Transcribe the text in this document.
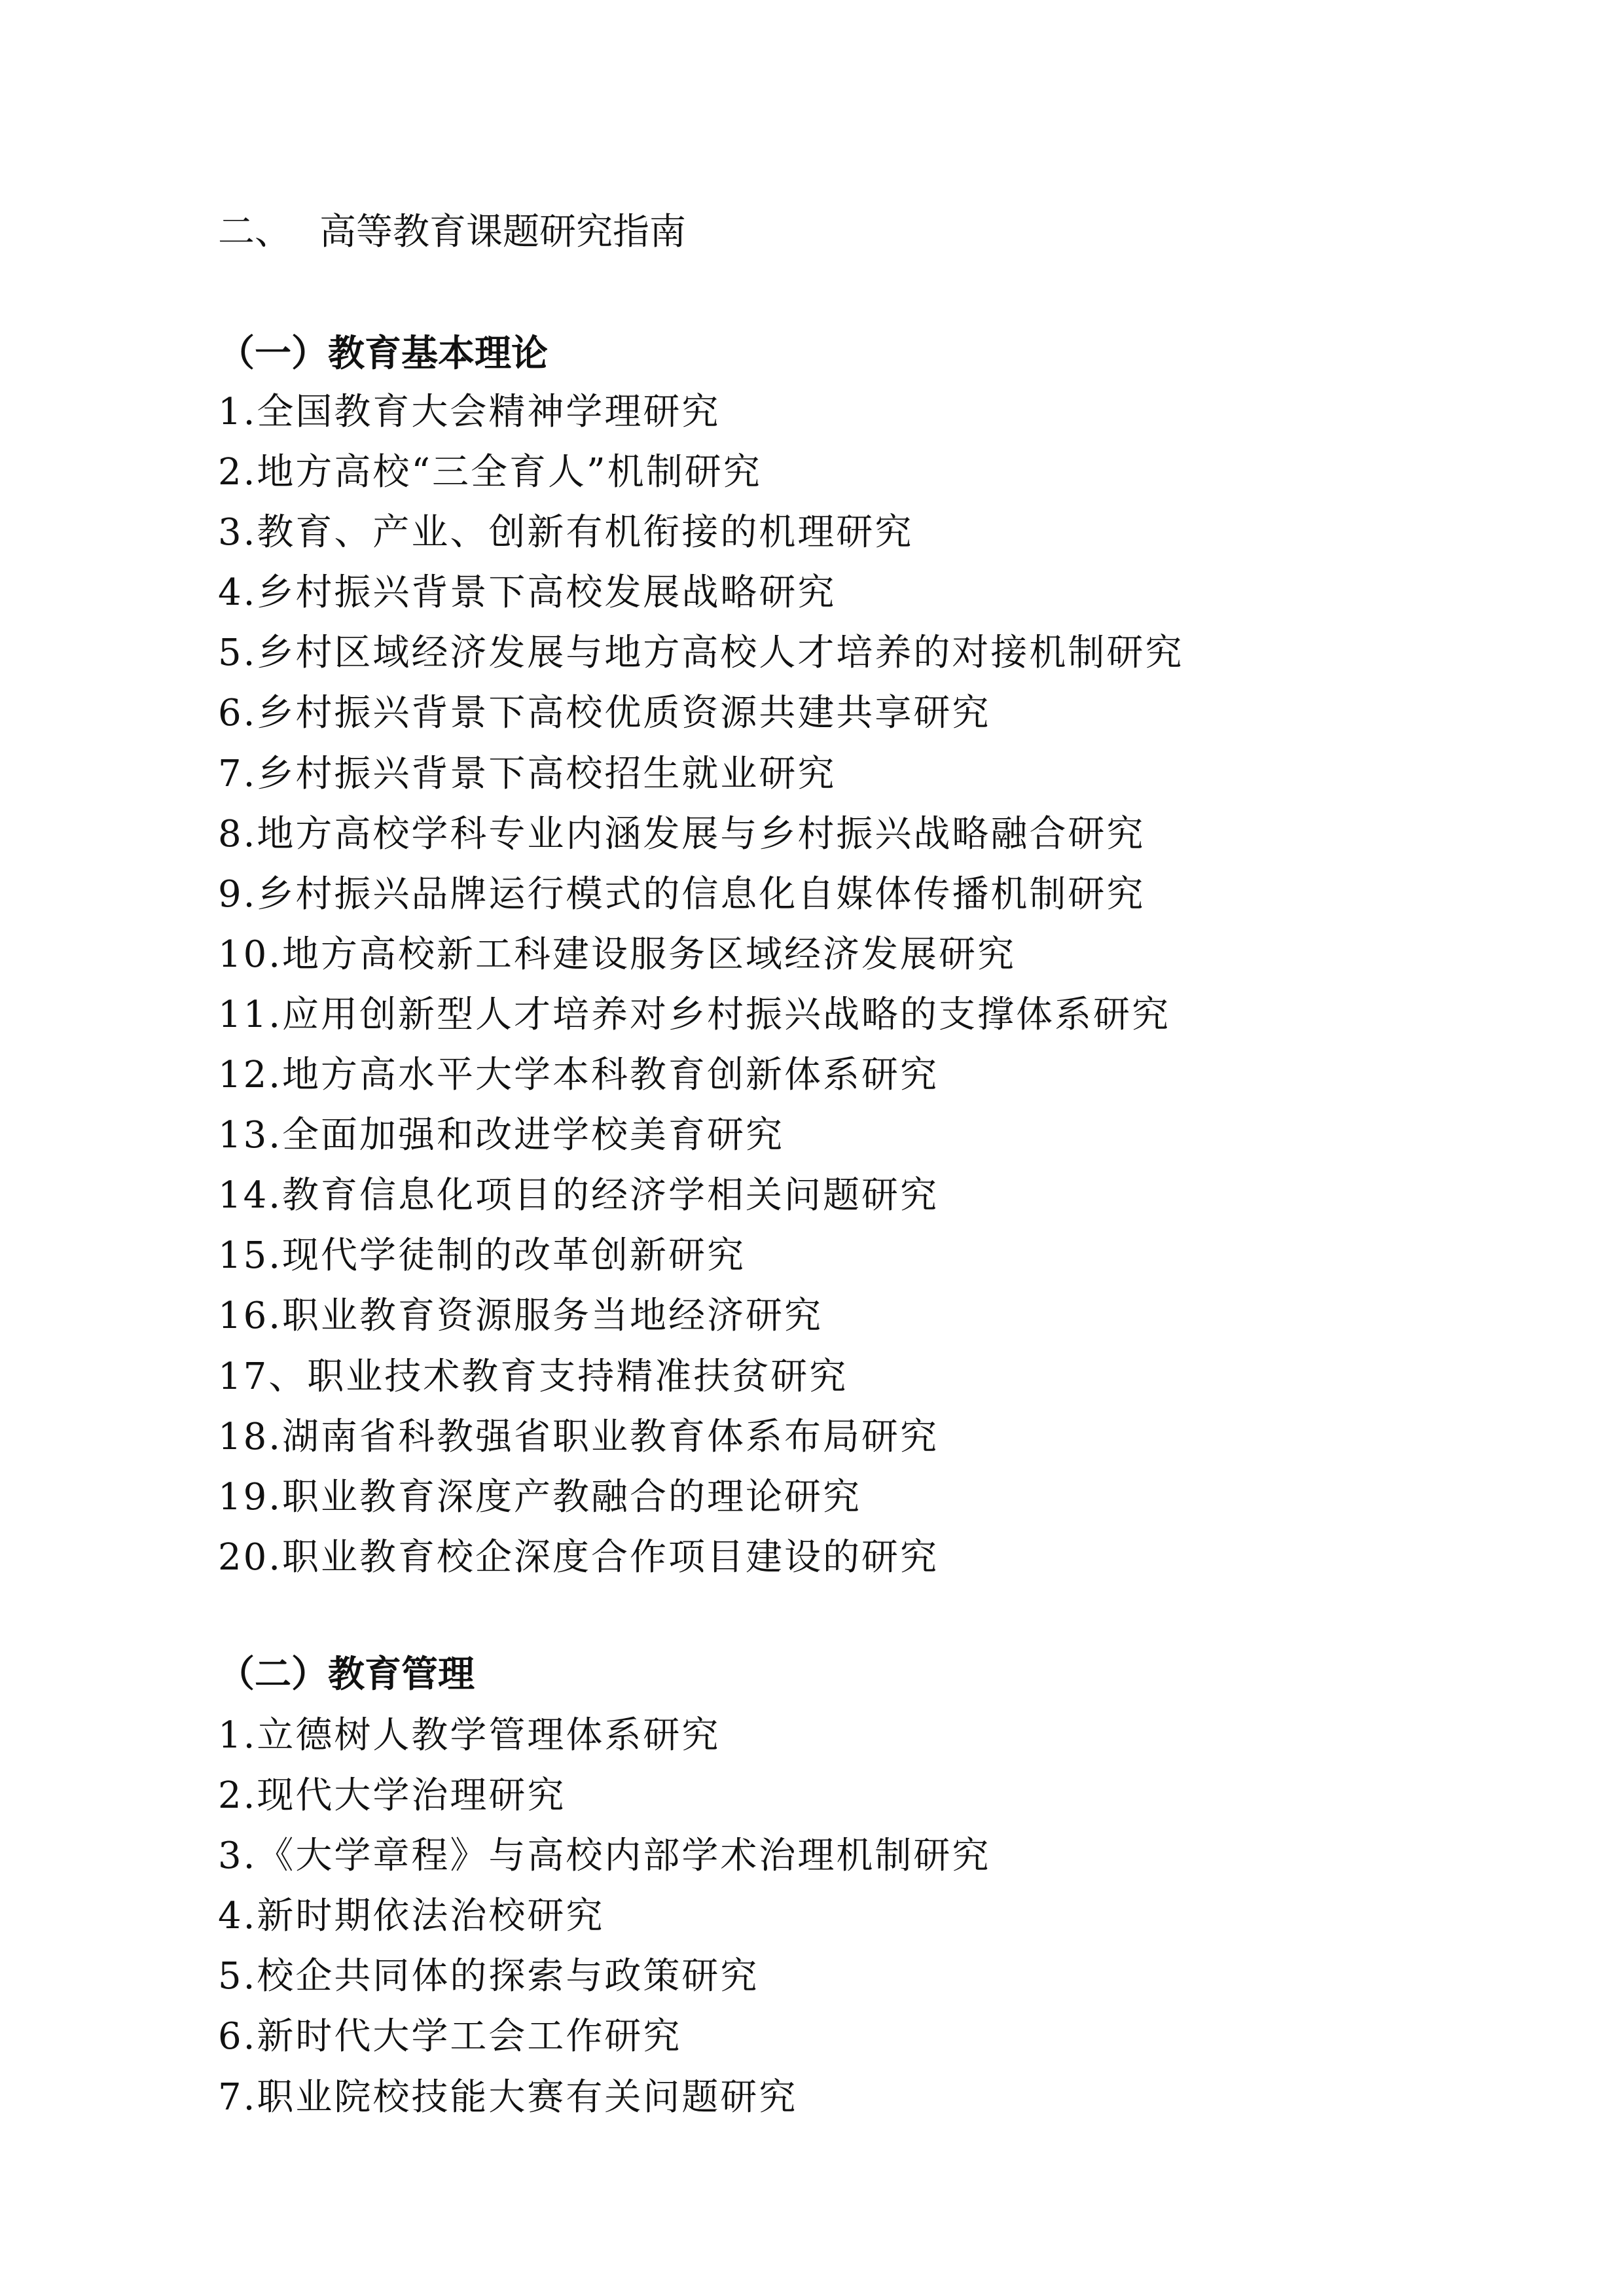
二、 高等教育课题研究指南
（一）教育基本理论
1.全国教育大会精神学理研究
2.地方高校“三全育人”机制研究
3.教育、产业、创新有机衔接的机理研究
4.乡村振兴背景下高校发展战略研究
5.乡村区域经济发展与地方高校人才培养的对接机制研究
6.乡村振兴背景下高校优质资源共建共享研究
7.乡村振兴背景下高校招生就业研究
8.地方高校学科专业内涵发展与乡村振兴战略融合研究
9.乡村振兴品牌运行模式的信息化自媒体传播机制研究
10.地方高校新工科建设服务区域经济发展研究
11.应用创新型人才培养对乡村振兴战略的支撑体系研究
12.地方高水平大学本科教育创新体系研究
13.全面加强和改进学校美育研究
14.教育信息化项目的经济学相关问题研究
15.现代学徒制的改革创新研究
16.职业教育资源服务当地经济研究
17、职业技术教育支持精准扶贫研究
18.湖南省科教强省职业教育体系布局研究
19.职业教育深度产教融合的理论研究
20.职业教育校企深度合作项目建设的研究
（二）教育管理
1.立德树人教学管理体系研究
2.现代大学治理研究
3.《大学章程》与高校内部学术治理机制研究
4.新时期依法治校研究
5.校企共同体的探索与政策研究
6.新时代大学工会工作研究
7.职业院校技能大赛有关问题研究
